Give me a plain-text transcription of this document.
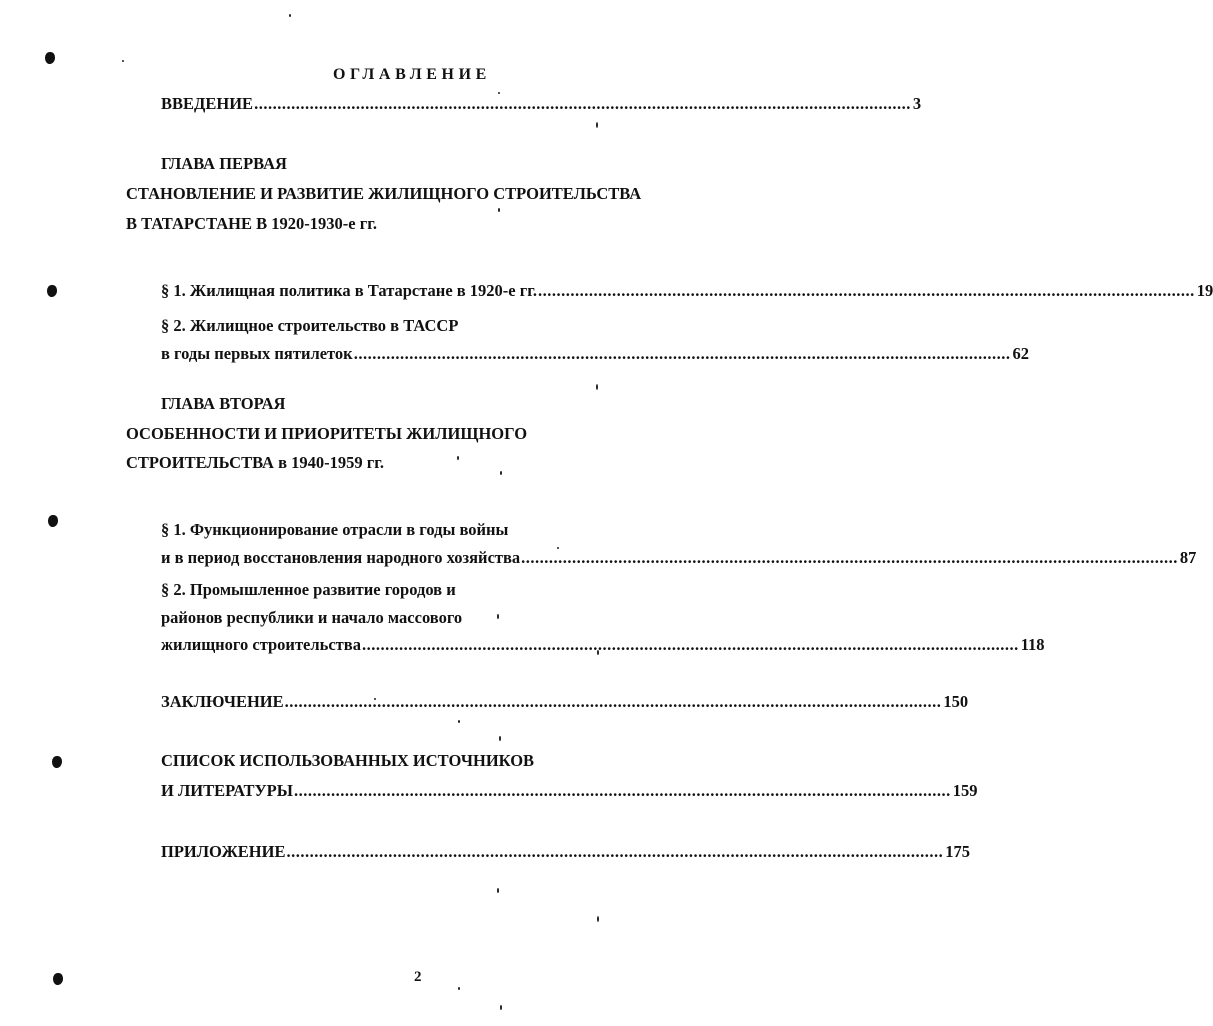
ОГЛАВЛЕНИЕ
ВВЕДЕНИЕ .............................................................................................................................................. 3
ГЛАВА ПЕРВАЯ
СТАНОВЛЕНИЕ И РАЗВИТИЕ ЖИЛИЩНОГО СТРОИТЕЛЬСТВА
В ТАТАРСТАНЕ В 1920-1930-е гг.
§ 1. Жилищная политика в Татарстане в 1920-е гг. .............................................................................................................................................. 19
§ 2. Жилищное строительство в ТАССР
в годы первых пятилеток .............................................................................................................................................. 62
ГЛАВА ВТОРАЯ
ОСОБЕННОСТИ И ПРИОРИТЕТЫ ЖИЛИЩНОГО
СТРОИТЕЛЬСТВА в 1940-1959 гг.
§ 1. Функционирование отрасли в годы войны
и в период восстановления народного хозяйства .............................................................................................................................................. 87
§ 2. Промышленное развитие городов и
районов республики и начало массового
жилищного строительства .............................................................................................................................................. 118
ЗАКЛЮЧЕНИЕ .............................................................................................................................................. 150
СПИСОК ИСПОЛЬЗОВАННЫХ ИСТОЧНИКОВ
И ЛИТЕРАТУРЫ .............................................................................................................................................. 159
ПРИЛОЖЕНИЕ .............................................................................................................................................. 175
2
